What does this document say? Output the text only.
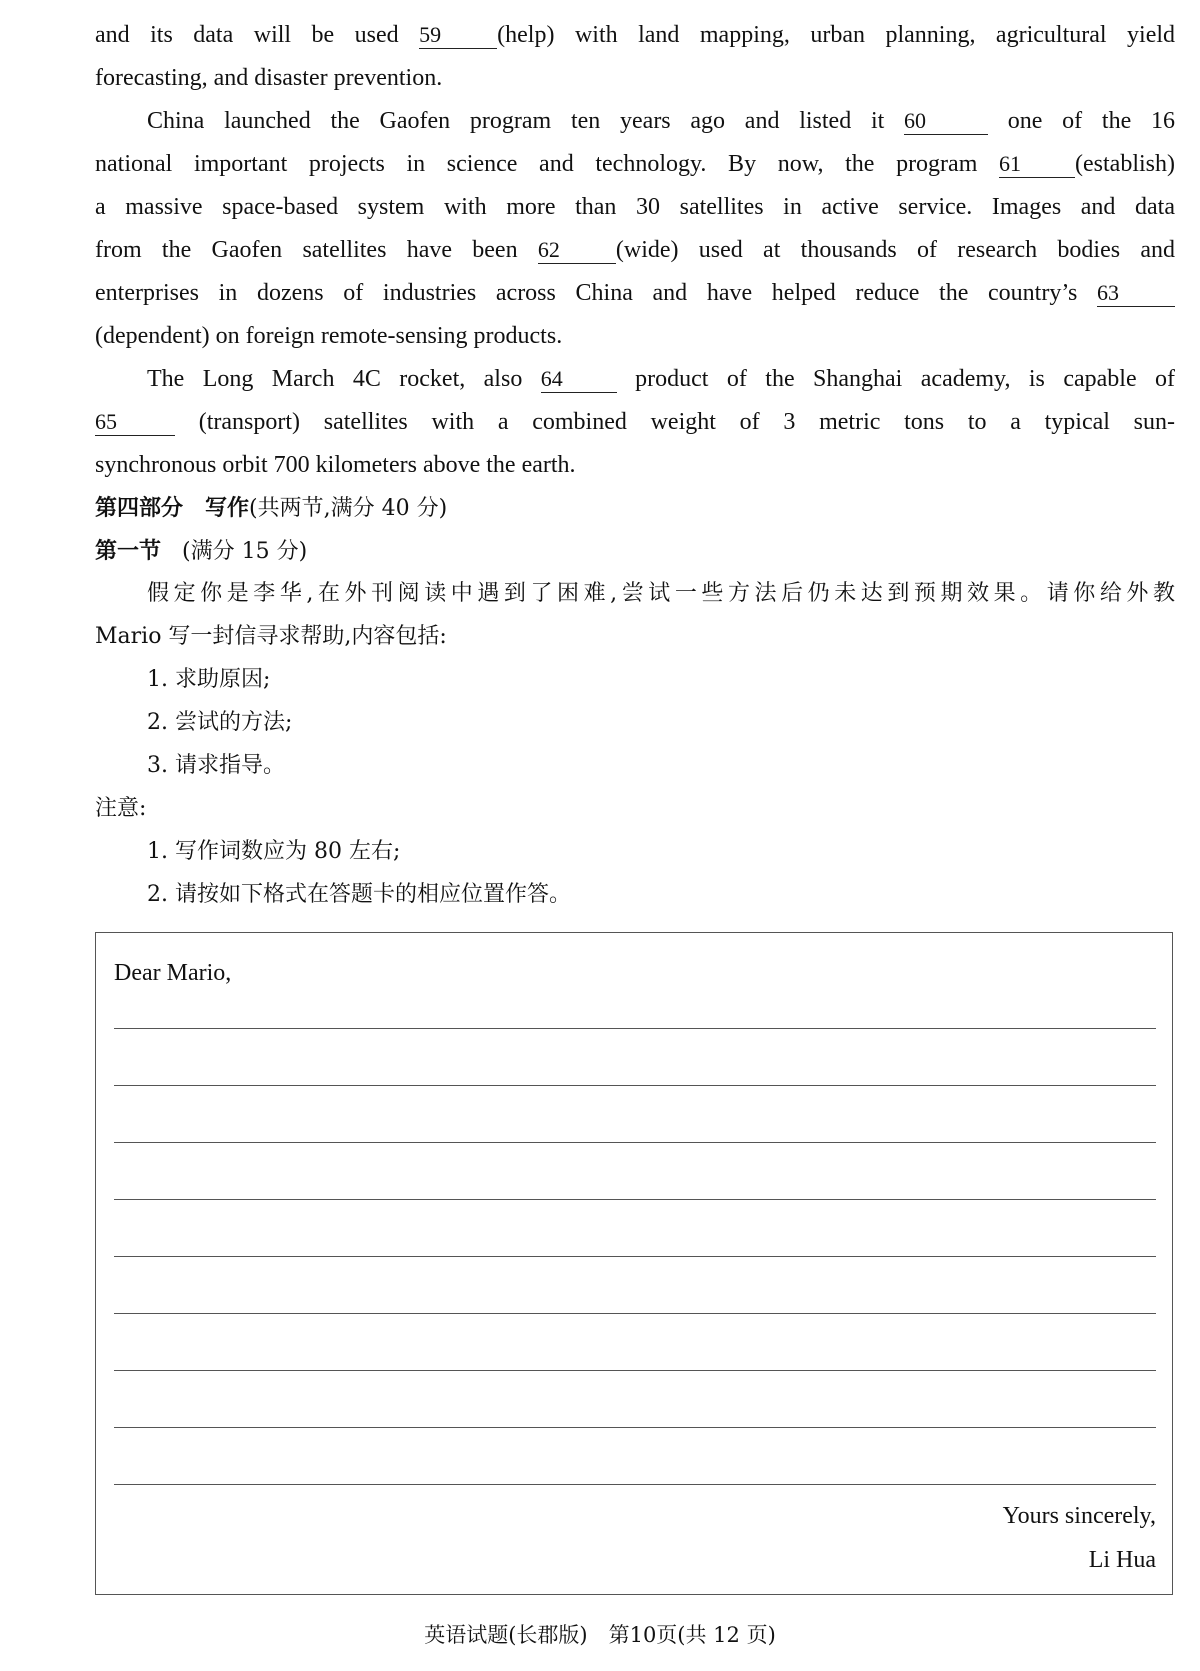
and its data will be used 59 (help) with land mapping, urban planning, agricultural yield
forecasting, and disaster prevention.
China launched the Gaofen program ten years ago and listed it 60	one of the 16
national important projects in science and technology. By now, the program 61 (establish)
a massive space-based system with more than 30 satellites in active service. Images and data
from the Gaofen satellites have been 62 (wide) used at thousands of research bodies and
enterprises in dozens of industries across China and have helped reduce the country’s 63
(dependent) on foreign remote-sensing products.
The Long March 4C rocket, also 64	product of the Shanghai academy, is capable of
65	(transport) satellites with a combined weight of 3 metric tons to a typical sun-
synchronous orbit 700 kilometers above the earth.
第四部分　写作(共两节,满分 40 分)
第一节 (满分 15 分)
假定你是李华,在外刊阅读中遇到了困难,尝试一些方法后仍未达到预期效果。请你给外教
Mario 写一封信寻求帮助,内容包括:
1. 求助原因;
2. 尝试的方法;
3. 请求指导。
注意:
1. 写作词数应为 80 左右;
2. 请按如下格式在答题卡的相应位置作答。
Dear Mario,
Yours sincerely,
Li Hua
英语试题(长郡版)　第10页(共 12 页)
